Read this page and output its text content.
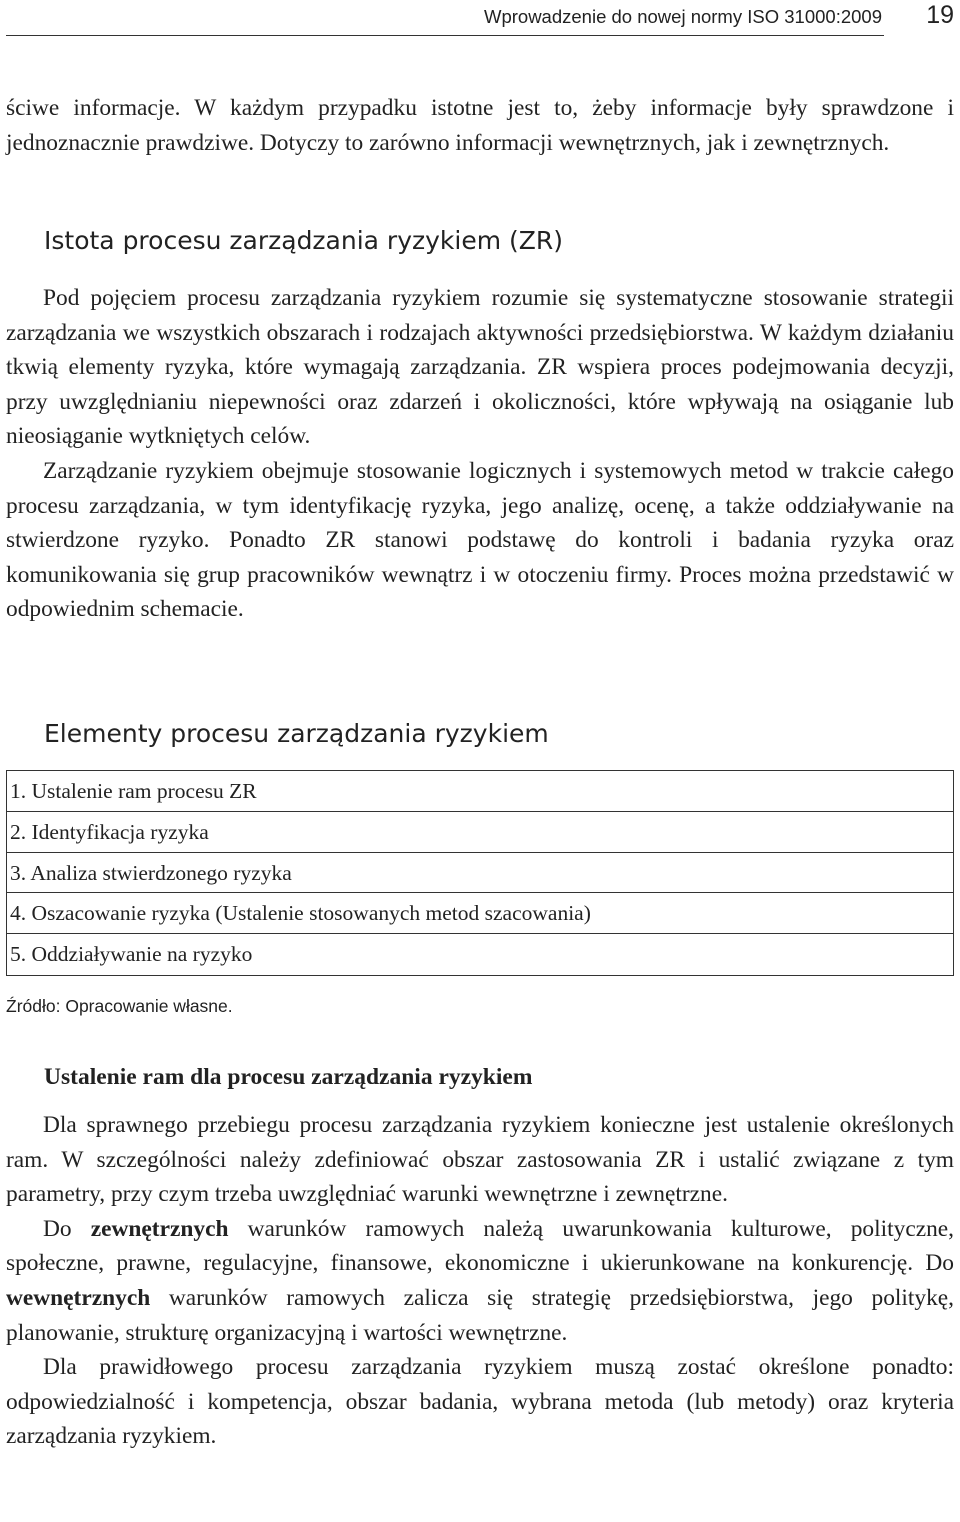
Wprowadzenie do nowej normy ISO 31000:2009 19

ściwe informacje. W każdym przypadku istotne jest to, żeby informacje były sprawdzone i jednoznacznie prawdziwe. Dotyczy to zarówno informacji wewnętrznych, jak i zewnętrznych.

Istota procesu zarządzania ryzykiem (ZR)

Pod pojęciem procesu zarządzania ryzykiem rozumie się systematyczne stosowanie strategii zarządzania we wszystkich obszarach i rodzajach aktywności przedsiębiorstwa. W każdym działaniu tkwią elementy ryzyka, które wymagają zarządzania. ZR wspiera proces podejmowania decyzji, przy uwzględnianiu niepewności oraz zdarzeń i okoliczności, które wpływają na osiąganie lub nieosiąganie wytkniętych celów.

Zarządzanie ryzykiem obejmuje stosowanie logicznych i systemowych metod w trakcie całego procesu zarządzania, w tym identyfikację ryzyka, jego analizę, ocenę, a także oddziaływanie na stwierdzone ryzyko. Ponadto ZR stanowi podstawę do kontroli i badania ryzyka oraz komunikowania się grup pracowników wewnątrz i w otoczeniu firmy. Proces można przedstawić w odpowiednim schemacie.

Elementy procesu zarządzania ryzykiem
1. Ustalenie ram procesu ZR
2. Identyfikacja ryzyka
3. Analiza stwierdzonego ryzyka
4. Oszacowanie ryzyka (Ustalenie stosowanych metod szacowania)
5. Oddziaływanie na ryzyko
Źródło: Opracowanie własne.
Ustalenie ram dla procesu zarządzania ryzykiem

Dla sprawnego przebiegu procesu zarządzania ryzykiem konieczne jest ustalenie określonych ram. W szczególności należy zdefiniować obszar zastosowania ZR i ustalić związane z tym parametry, przy czym trzeba uwzględniać warunki wewnętrzne i zewnętrzne.

Do zewnętrznych warunków ramowych należą uwarunkowania kulturowe, polityczne, społeczne, prawne, regulacyjne, finansowe, ekonomiczne i ukierunkowane na konkurencję. Do wewnętrznych warunków ramowych zalicza się strategię przedsiębiorstwa, jego politykę, planowanie, strukturę organizacyjną i wartości wewnętrzne.

Dla prawidłowego procesu zarządzania ryzykiem muszą zostać określone ponadto: odpowiedzialność i kompetencja, obszar badania, wybrana metoda (lub metody) oraz kryteria zarządzania ryzykiem.
